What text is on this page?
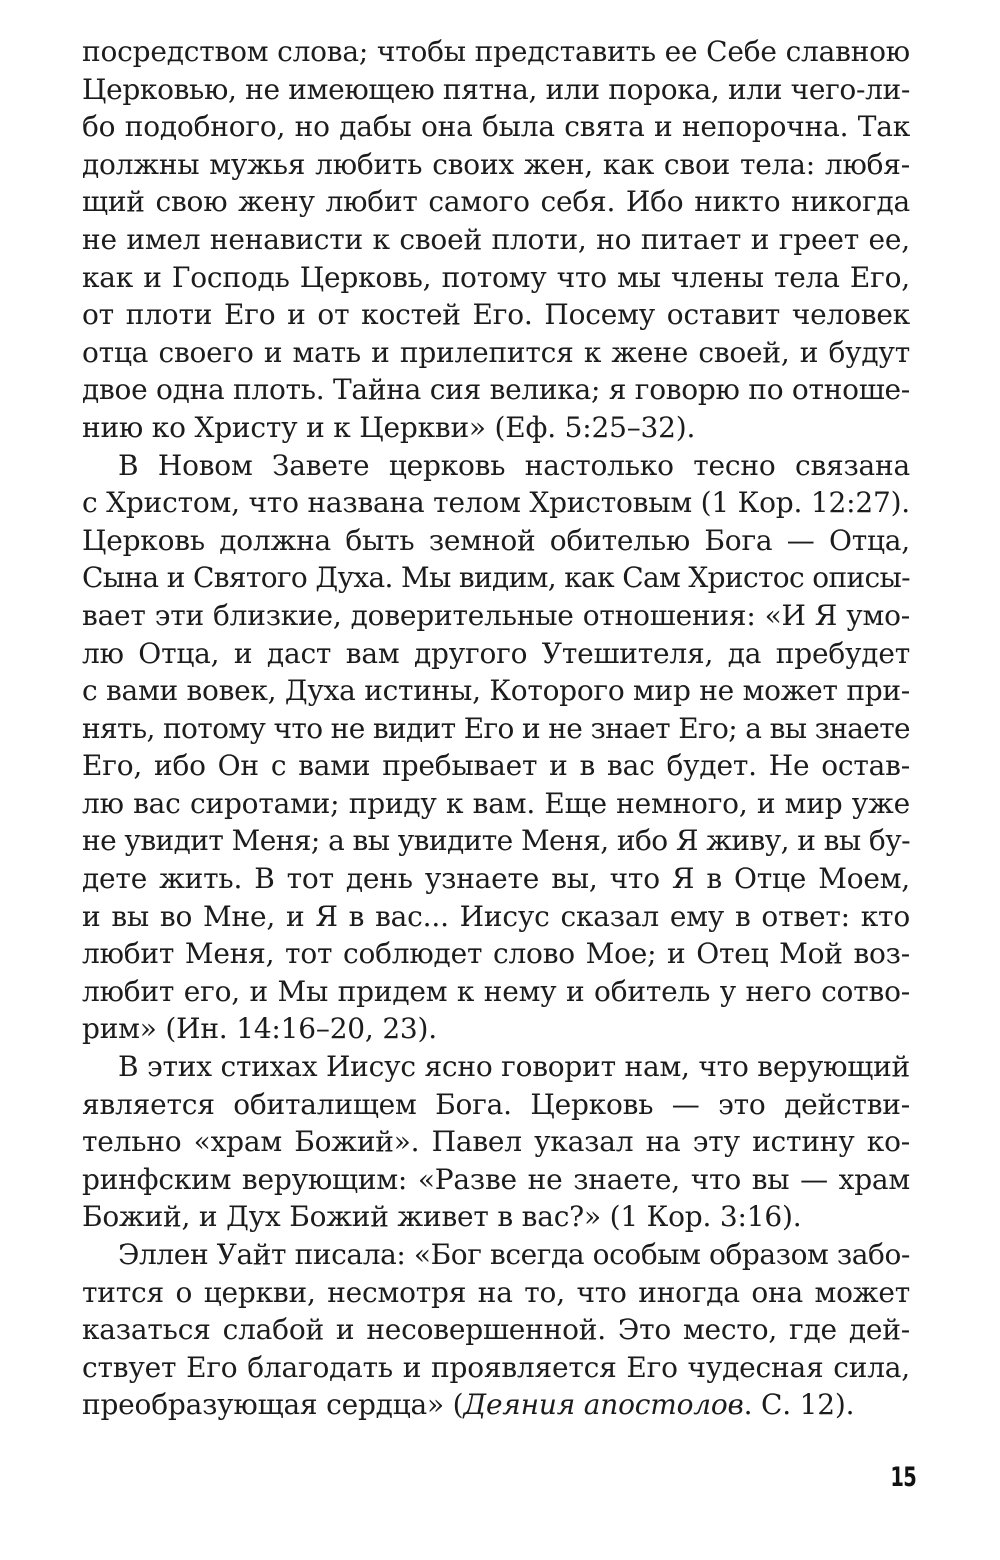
посредством слова; чтобы представить ее Себе славною
Церковью, не имеющею пятна, или порока, или чего-ли-
бо подобного, но дабы она была свята и непорочна. Так
должны мужья любить своих жен, как свои тела: любя-
щий свою жену любит самого себя. Ибо никто никогда
не имел ненависти к своей плоти, но питает и греет ее,
как и Господь Церковь, потому что мы члены тела Его,
от плоти Его и от костей Его. Посему оставит человек
отца своего и мать и прилепится к жене своей, и будут
двое одна плоть. Тайна сия велика; я говорю по отноше-
нию ко Христу и к Церкви» (Еф. 5:25–32).

В Новом Завете церковь настолько тесно связана
с Христом, что названа телом Христовым (1 Кор. 12:27).
Церковь должна быть земной обителью Бога — Отца,
Сына и Святого Духа. Мы видим, как Сам Христос описы-
вает эти близкие, доверительные отношения: «И Я умо-
лю Отца, и даст вам другого Утешителя, да пребудет
с вами вовек, Духа истины, Которого мир не может при-
нять, потому что не видит Его и не знает Его; а вы знаете
Его, ибо Он с вами пребывает и в вас будет. Не остав-
лю вас сиротами; приду к вам. Еще немного, и мир уже
не увидит Меня; а вы увидите Меня, ибо Я живу, и вы бу-
дете жить. В тот день узнаете вы, что Я в Отце Моем,
и вы во Мне, и Я в вас... Иисус сказал ему в ответ: кто
любит Меня, тот соблюдет слово Мое; и Отец Мой воз-
любит его, и Мы придем к нему и обитель у него сотво-
рим» (Ин. 14:16–20, 23).

В этих стихах Иисус ясно говорит нам, что верующий
является обиталищем Бога. Церковь — это действи-
тельно «храм Божий». Павел указал на эту истину ко-
ринфским верующим: «Разве не знаете, что вы — храм
Божий, и Дух Божий живет в вас?» (1 Кор. 3:16).

Эллен Уайт писала: «Бог всегда особым образом забо-
тится о церкви, несмотря на то, что иногда она может
казаться слабой и несовершенной. Это место, где дей-
ствует Его благодать и проявляется Его чудесная сила,
преобразующая сердца» (Деяния апостолов. С. 12).

15
